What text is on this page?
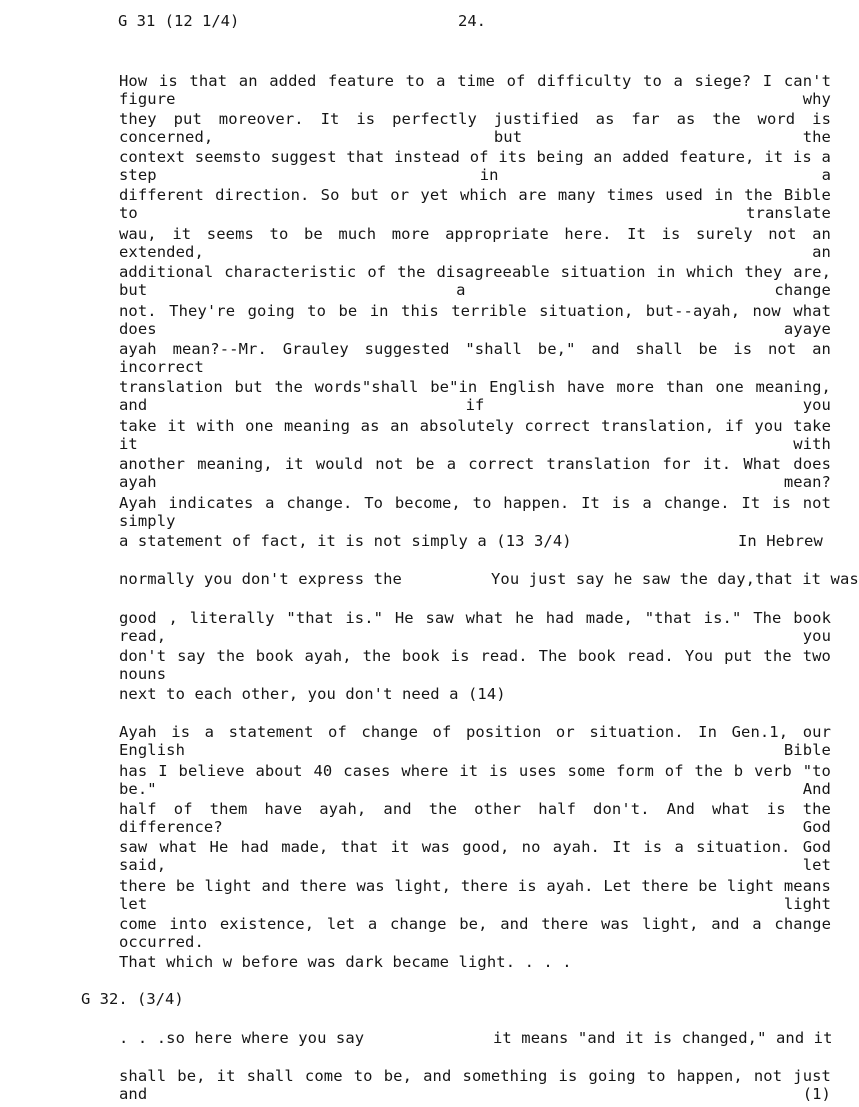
G 31 (12 1/4)	24.
How is that an added feature to a time of difficulty to a siege? I can't figure why
they put moreover. It is perfectly justified as far as the word is concerned, but the
context seemsto suggest that instead of its being an added feature, it is a step in a
different direction. So but or yet which are many times used in the Bible to translate
wau, it seems to be much more appropriate here. It is surely not an extended, an
additional characteristic of the disagreeable situation in which they are, but a change
not. They're going to be in this terrible situation, but--ayah, now what does ayaye
ayah mean?--Mr. Grauley suggested "shall be," and shall be is not an incorrect
translation but the words"shall be"in English have more than one meaning, and if you
take it with one meaning as an absolutely correct translation, if you take it with
another meaning, it would not be a correct translation for it. What does ayah mean?
Ayah indicates a change. To become, to happen. It is a change. It is not simply
a statement of fact, it is not simply a (13 3/4)	In Hebrew
normally you don't express the	You just say he saw the day,that it was
good , literally "that is." He saw what he had made, "that is." The book read, you
don't say the book ayah, the book is read. The book read. You put the two nouns
next to each other, you don't need a (14)
Ayah is a statement of change of position or situation. In Gen.1, our English Bible
has I believe about 40 cases where it is uses some form of the b verb "to be." And
half of them have ayah, and the other half don't. And what is the difference? God
saw what He had made, that it was good, no ayah. It is a situation. God said, let
there be light and there was light, there is ayah. Let there be light means let light
come into existence, let a change be, and there was light, and a change occurred.
That which w before was dark became light. . . .
G 32. (3/4)
. . .so here where you say	it means "and it is changed," and it
shall be, it shall come to be, and something is going to happen, not just and (1)
